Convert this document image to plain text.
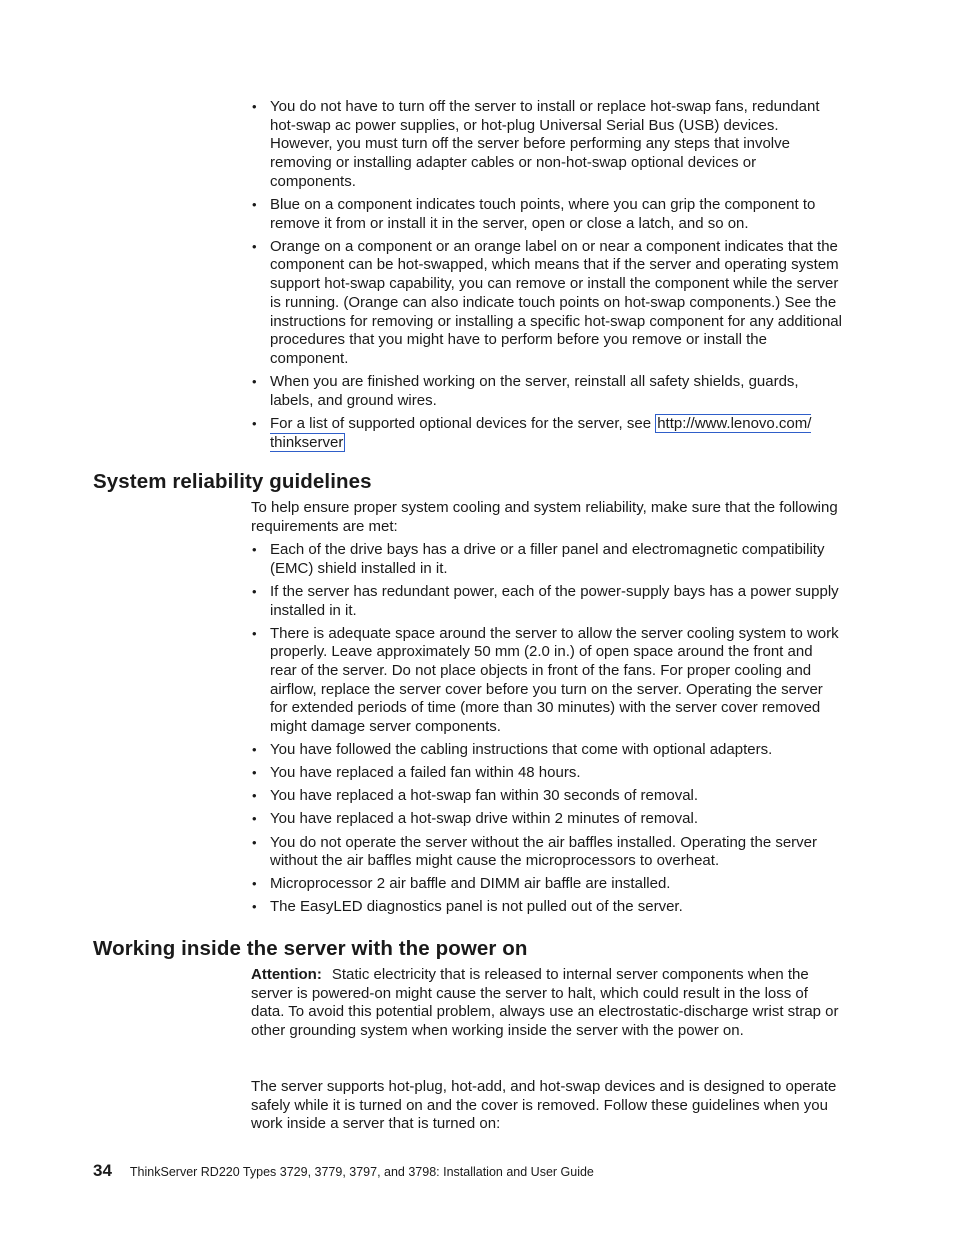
• You do not have to turn off the server to install or replace hot-swap fans, redundant hot-swap ac power supplies, or hot-plug Universal Serial Bus (USB) devices. However, you must turn off the server before performing any steps that involve removing or installing adapter cables or non-hot-swap optional devices or components.
• Blue on a component indicates touch points, where you can grip the component to remove it from or install it in the server, open or close a latch, and so on.
• Orange on a component or an orange label on or near a component indicates that the component can be hot-swapped, which means that if the server and operating system support hot-swap capability, you can remove or install the component while the server is running. (Orange can also indicate touch points on hot-swap components.) See the instructions for removing or installing a specific hot-swap component for any additional procedures that you might have to perform before you remove or install the component.
• When you are finished working on the server, reinstall all safety shields, guards, labels, and ground wires.
• For a list of supported optional devices for the server, see http://www.lenovo.com/ thinkserver
System reliability guidelines

To help ensure proper system cooling and system reliability, make sure that the following requirements are met:

• Each of the drive bays has a drive or a filler panel and electromagnetic compatibility (EMC) shield installed in it.
• If the server has redundant power, each of the power-supply bays has a power supply installed in it.
• There is adequate space around the server to allow the server cooling system to work properly. Leave approximately 50 mm (2.0 in.) of open space around the front and rear of the server. Do not place objects in front of the fans. For proper cooling and airflow, replace the server cover before you turn on the server. Operating the server for extended periods of time (more than 30 minutes) with the server cover removed might damage server components.
• You have followed the cabling instructions that come with optional adapters.
• You have replaced a failed fan within 48 hours.
• You have replaced a hot-swap fan within 30 seconds of removal.
• You have replaced a hot-swap drive within 2 minutes of removal.
• You do not operate the server without the air baffles installed. Operating the server without the air baffles might cause the microprocessors to overheat.
• Microprocessor 2 air baffle and DIMM air baffle are installed.
• The EasyLED diagnostics panel is not pulled out of the server.
Working inside the server with the power on

Attention: Static electricity that is released to internal server components when the server is powered-on might cause the server to halt, which could result in the loss of data. To avoid this potential problem, always use an electrostatic-discharge wrist strap or other grounding system when working inside the server with the power on.

The server supports hot-plug, hot-add, and hot-swap devices and is designed to operate safely while it is turned on and the cover is removed. Follow these guidelines when you work inside a server that is turned on:

34 ThinkServer RD220 Types 3729, 3779, 3797, and 3798: Installation and User Guide
